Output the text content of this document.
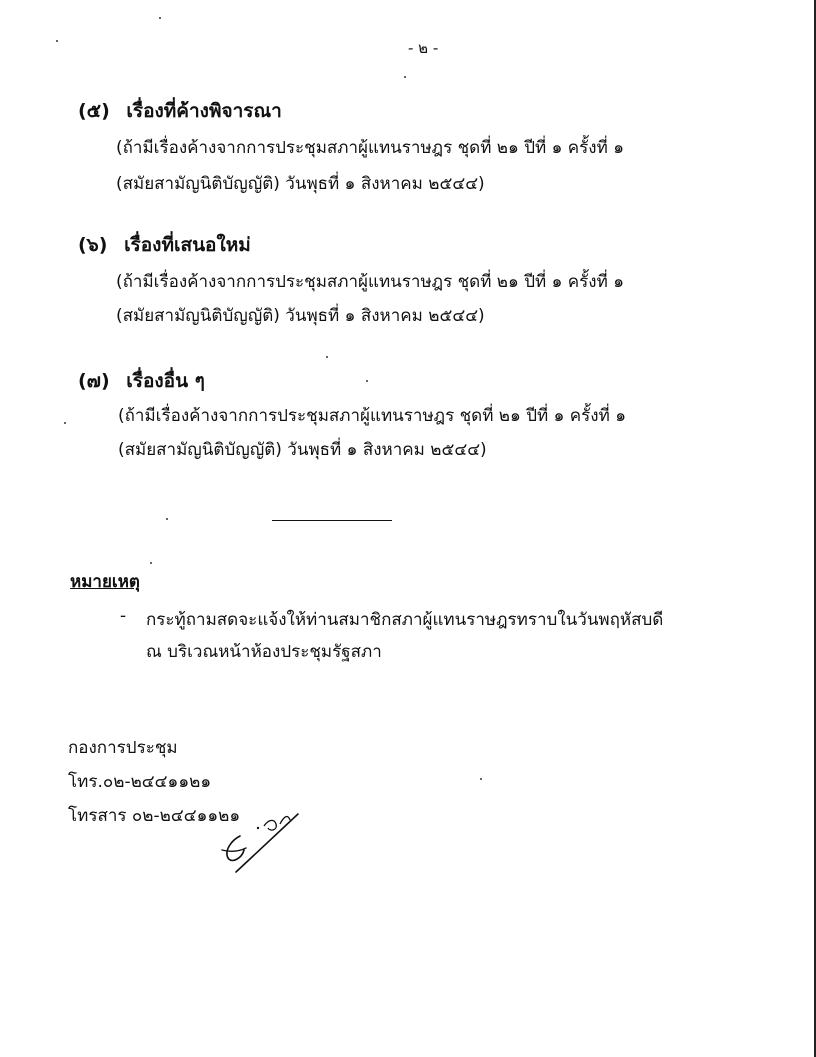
- ๒ -
(๕) เรื่องที่ค้างพิจารณา
(ถ้ามีเรื่องค้างจากการประชุมสภาผู้แทนราษฎร ชุดที่ ๒๑ ปีที่ ๑ ครั้งที่ ๑
(สมัยสามัญนิติบัญญัติ) วันพุธที่ ๑ สิงหาคม ๒๕๔๔)
(๖) เรื่องที่เสนอใหม่
(ถ้ามีเรื่องค้างจากการประชุมสภาผู้แทนราษฎร ชุดที่ ๒๑ ปีที่ ๑ ครั้งที่ ๑
(สมัยสามัญนิติบัญญัติ) วันพุธที่ ๑ สิงหาคม ๒๕๔๔)
(๗) เรื่องอื่น ๆ
(ถ้ามีเรื่องค้างจากการประชุมสภาผู้แทนราษฎร ชุดที่ ๒๑ ปีที่ ๑ ครั้งที่ ๑
(สมัยสามัญนิติบัญญัติ) วันพุธที่ ๑ สิงหาคม ๒๕๔๔)
หมายเหตุ
- กระทู้ถามสดจะแจ้งให้ท่านสมาชิกสภาผู้แทนราษฎรทราบในวันพฤหัสบดี
ณ บริเวณหน้าห้องประชุมรัฐสภา
กองการประชุม
โทร.๐๒-๒๔๔๑๑๒๑
โทรสาร ๐๒-๒๔๔๑๑๒๑
